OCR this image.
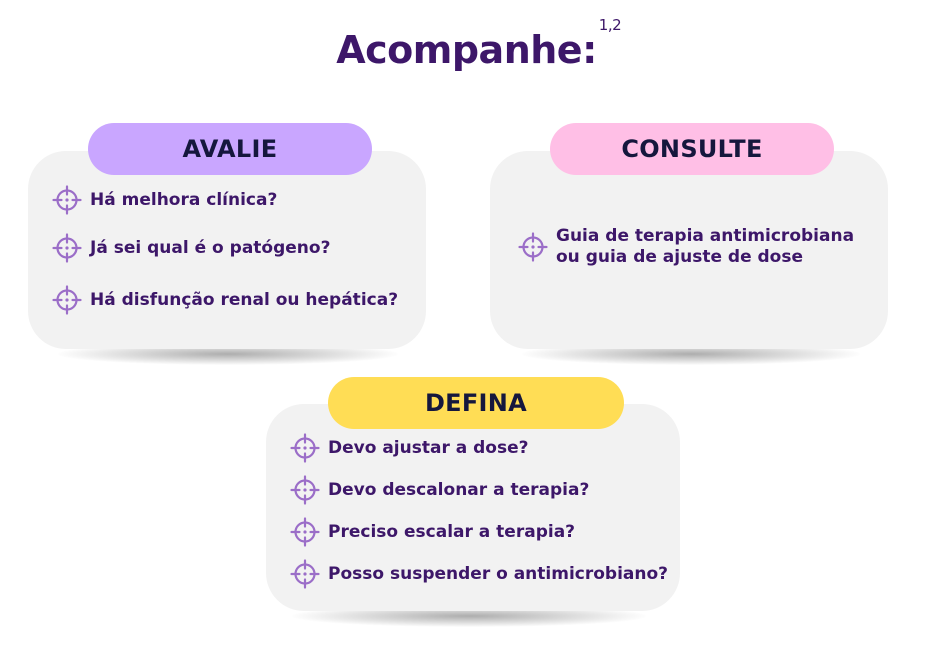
Acompanhe:
1,2
AVALIE
Há melhora clínica?
Já sei qual é o patógeno?
Há disfunção renal ou hepática?
CONSULTE
Guia de terapia antimicrobiana
ou guia de ajuste de dose
DEFINA
Devo ajustar a dose?
Devo descalonar a terapia?
Preciso escalar a terapia?
Posso suspender o antimicrobiano?
